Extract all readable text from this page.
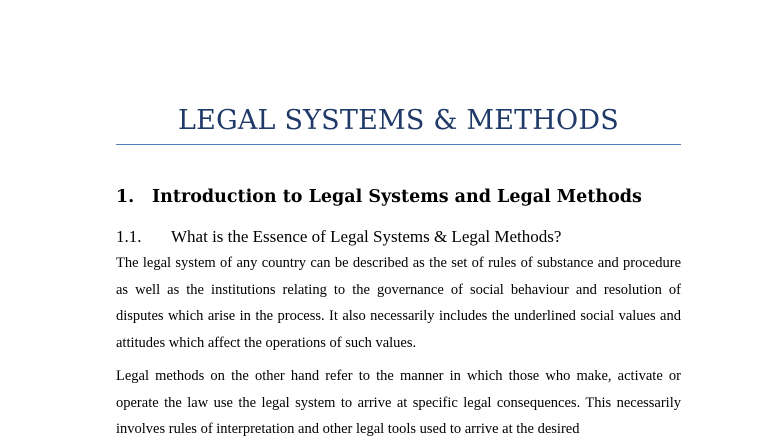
LEGAL SYSTEMS & METHODS
1. Introduction to Legal Systems and Legal Methods
1.1. What is the Essence of Legal Systems & Legal Methods?

The legal system of any country can be described as the set of rules of substance and procedure as well as the institutions relating to the governance of social behaviour and resolution of disputes which arise in the process. It also necessarily includes the underlined social values and attitudes which affect the operations of such values.

Legal methods on the other hand refer to the manner in which those who make, activate or operate the law use the legal system to arrive at specific legal consequences. This necessarily involves rules of interpretation and other legal tools used to arrive at the desired
